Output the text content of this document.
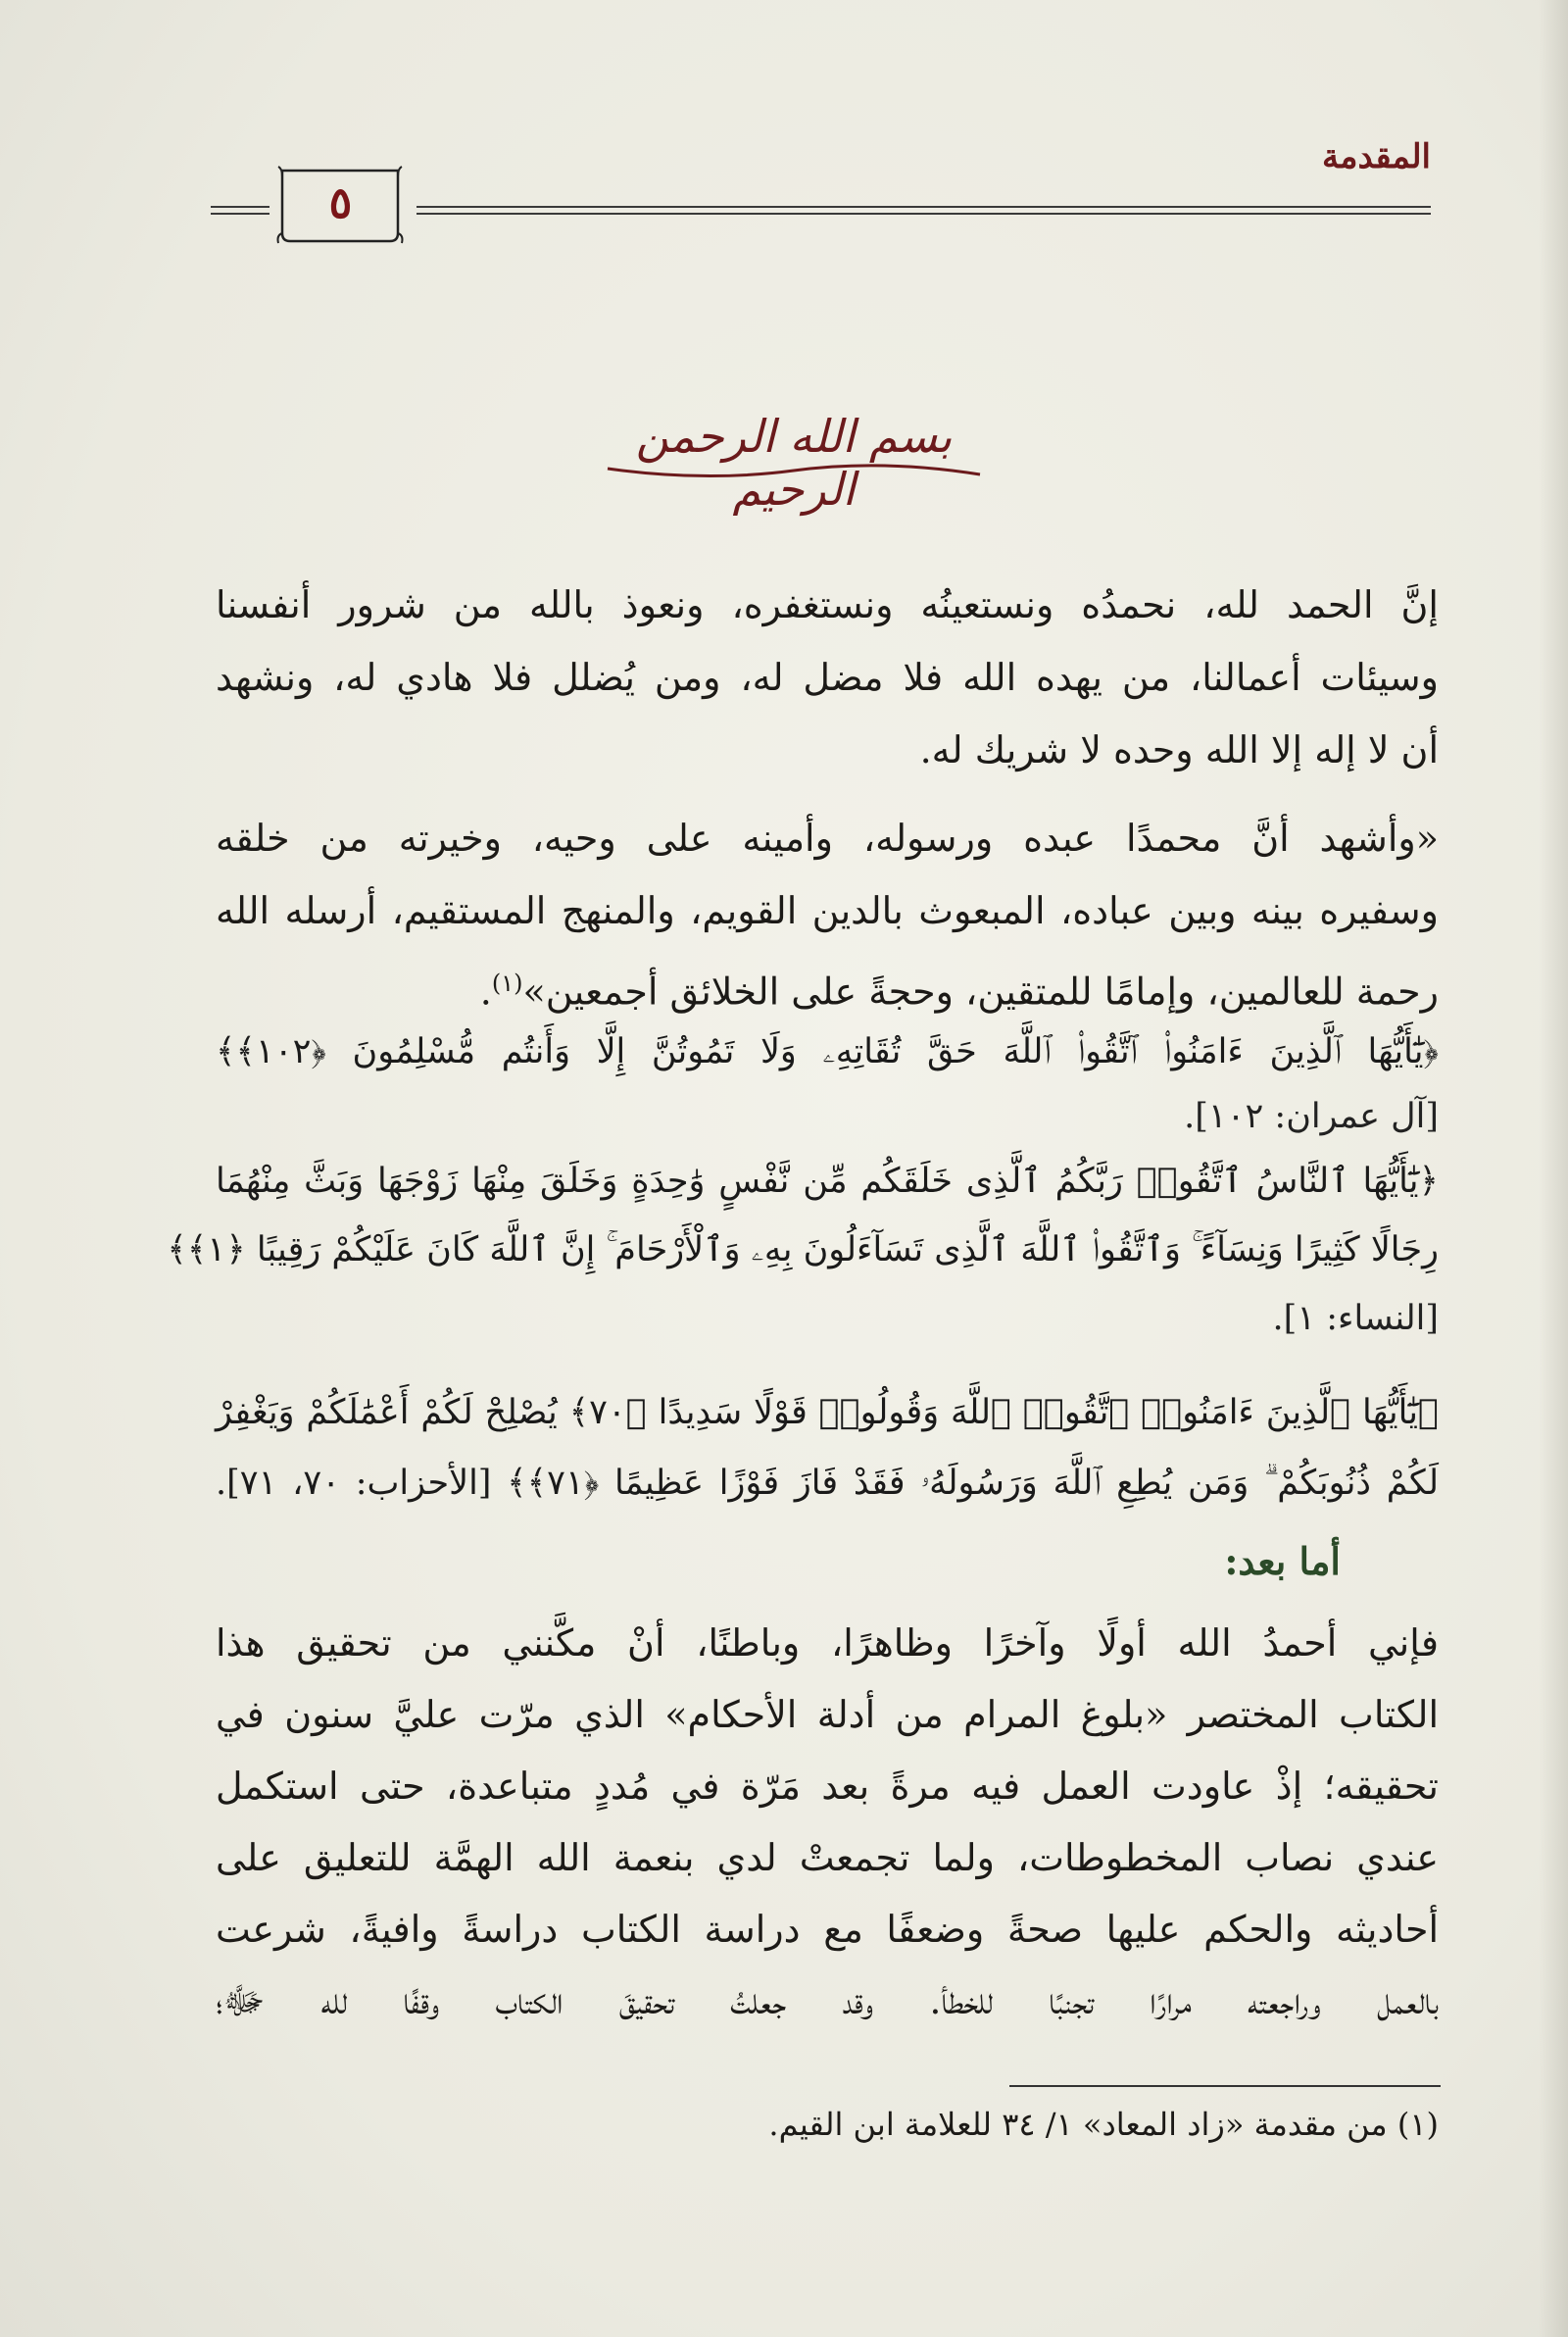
المقدمة
٥
بسم الله الرحمن الرحيم
إنَّ الحمد لله، نحمدُه ونستعينُه ونستغفره، ونعوذ بالله من شرور أنفسنا
وسيئات أعمالنا، من يهده الله فلا مضل له، ومن يُضلل فلا هادي له، ونشهد
أن لا إله إلا الله وحده لا شريك له.
«وأشهد أنَّ محمدًا عبده ورسوله، وأمينه على وحيه، وخيرته من خلقه
وسفيره بينه وبين عباده، المبعوث بالدين القويم، والمنهج المستقيم، أرسله الله
رحمة للعالمين، وإمامًا للمتقين، وحجةً على الخلائق أجمعين»$^{(١)}$.
﴿يَٰٓأَيُّهَا ٱلَّذِينَ ءَامَنُوا۟ ٱتَّقُوا۟ ٱللَّهَ حَقَّ تُقَاتِهِۦ وَلَا تَمُوتُنَّ إِلَّا وَأَنتُم مُّسْلِمُونَ ﴿١٠٢﴾﴾
[آل عمران: ١٠٢].
﴿يَٰٓأَيُّهَا ٱلنَّاسُ ٱتَّقُوا۟ رَبَّكُمُ ٱلَّذِى خَلَقَكُم مِّن نَّفْسٍ وَٰحِدَةٍ وَخَلَقَ مِنْهَا زَوْجَهَا وَبَثَّ مِنْهُمَا
رِجَالًا كَثِيرًا وَنِسَآءً ۚ وَٱتَّقُوا۟ ٱللَّهَ ٱلَّذِى تَسَآءَلُونَ بِهِۦ وَٱلْأَرْحَامَ ۚ إِنَّ ٱللَّهَ كَانَ عَلَيْكُمْ رَقِيبًا ﴿١﴾﴾
[النساء: ١].
﴿يَٰٓأَيُّهَا ٱلَّذِينَ ءَامَنُوا۟ ٱتَّقُوا۟ ٱللَّهَ وَقُولُوا۟ قَوْلًا سَدِيدًا ﴿٧٠﴾ يُصْلِحْ لَكُمْ أَعْمَٰلَكُمْ وَيَغْفِرْ
لَكُمْ ذُنُوبَكُمْ ۗ وَمَن يُطِعِ ٱللَّهَ وَرَسُولَهُۥ فَقَدْ فَازَ فَوْزًا عَظِيمًا ﴿٧١﴾﴾ [الأحزاب: ٧٠، ٧١].
أما بعد:
فإني أحمدُ الله أولًا وآخرًا وظاهرًا، وباطنًا، أنْ مكَّنني من تحقيق هذا
الكتاب المختصر «بلوغ المرام من أدلة الأحكام» الذي مرّت عليَّ سنون في
تحقيقه؛ إذْ عاودت العمل فيه مرةً بعد مَرّة في مُددٍ متباعدة، حتى استكمل
عندي نصاب المخطوطات، ولما تجمعتْ لدي بنعمة الله الهمَّة للتعليق على
أحاديثه والحكم عليها صحةً وضعفًا مع دراسة الكتاب دراسةً وافيةً، شرعت
بالعمل وراجعته مرارًا تجنبًا للخطأ. وقد جعلتُ تحقيقَ الكتاب وقفًا لله ﷻ؛
(١) من مقدمة «زاد المعاد» ١/ ٣٤ للعلامة ابن القيم.
